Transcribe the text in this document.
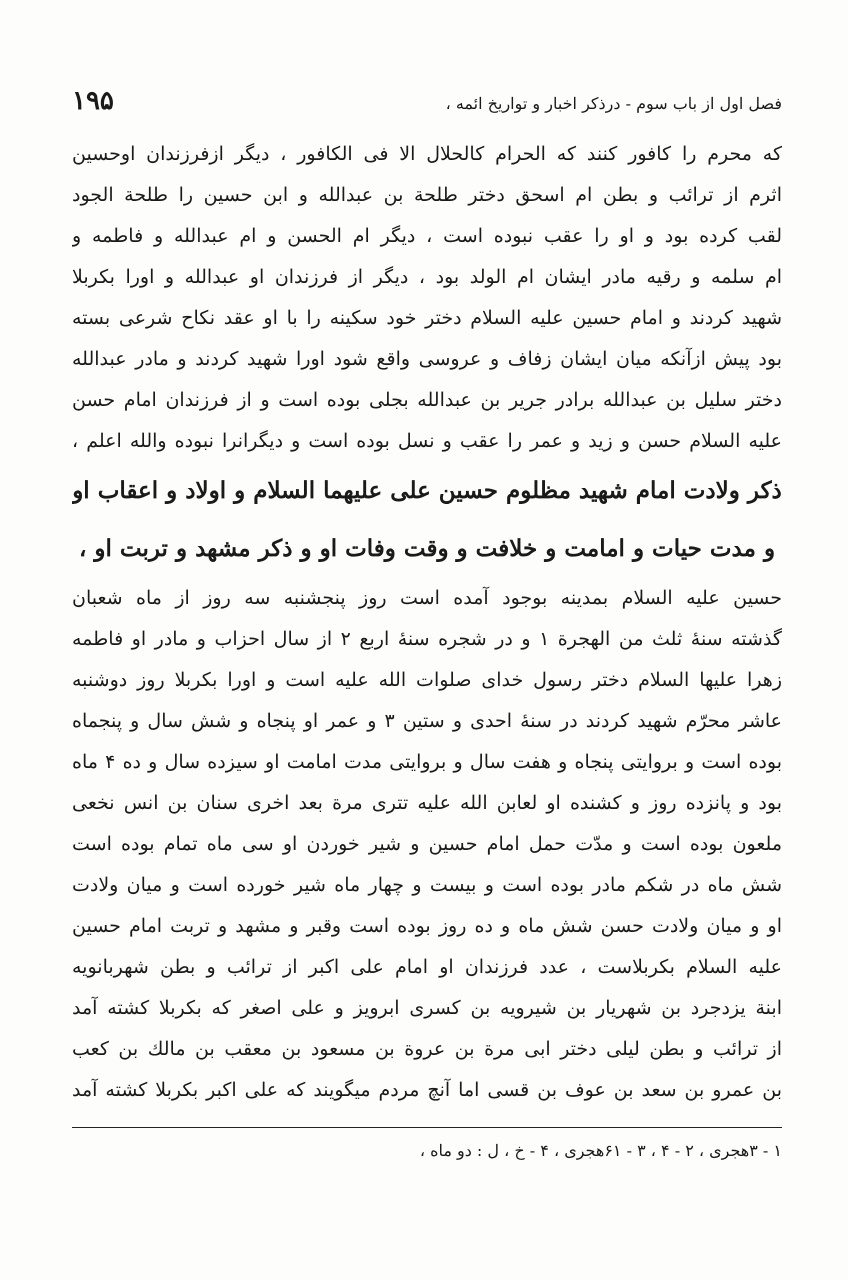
فصل اول از باب سوم - درذکر اخبار و تواریخ ائمه ،
۱۹۵
که محرم را کافور کنند که الحرام کالحلال الا فی الکافور ، دیگر ازفرزندان اوحسین
اثرم از ترائب و بطن ام اسحق دختر طلحة بن عبدالله و ابن حسین را طلحة الجود
لقب کرده بود و او را عقب نبوده است ، دیگر ام الحسن و ام عبدالله و فاطمه و
ام سلمه و رقیه مادر ایشان ام الولد بود ، دیگر از فرزندان او عبدالله و اورا بکربلا
شهید کردند و امام حسین علیه السلام دختر خود سکینه را با او عقد نکاح شرعی بسته
بود پیش ازآنکه میان ایشان زفاف و عروسی واقع شود اورا شهید کردند و مادر عبدالله
دختر سلیل بن عبدالله برادر جریر بن عبدالله بجلی بوده است و از فرزندان امام حسن
علیه السلام حسن و زید و عمر را عقب و نسل بوده است و دیگرانرا نبوده والله اعلم ،
ذکر ولادت امام شهید مظلوم حسین علی علیهما السلام و اولاد و اعقاب او
و مدت حیات و امامت و خلافت و وقت وفات او و ذکر مشهد و تربت او ،
حسین علیه السلام بمدینه بوجود آمده است روز پنجشنبه سه روز از ماه شعبان
گذشته سنهٔ ثلث من الهجرة ۱ و در شجره سنهٔ اربع ۲ از سال احزاب و مادر او فاطمه
زهرا علیها السلام دختر رسول خدای صلوات الله علیه است و اورا بکربلا روز دوشنبه
عاشر محرّم شهید کردند در سنهٔ احدی و ستین ۳ و عمر او پنجاه و شش سال و پنجماه
بوده است و بروایتی پنجاه و هفت سال و بروایتی مدت امامت او سیزده سال و ده ۴ ماه
بود و پانزده روز و کشنده او لعابن الله علیه تتری مرة بعد اخری سنان بن انس نخعی
ملعون بوده است و مدّت حمل امام حسین و شیر خوردن او سی ماه تمام بوده است
شش ماه در شکم مادر بوده است و بیست و چهار ماه شیر خورده است و میان ولادت
او و میان ولادت حسن شش ماه و ده روز بوده است وقبر و مشهد و تربت امام حسین
علیه السلام بکربلاست ، عدد فرزندان او امام علی اکبر از ترائب و بطن شهربانویه
ابنة یزدجرد بن شهریار بن شیرویه بن کسری ابرویز و علی اصغر که بکربلا کشته آمد
از ترائب و بطن لیلی دختر ابی مرة بن عروة بن مسعود بن معقب بن مالك بن کعب
بن عمرو بن سعد بن عوف بن قسی اما آنچ مردم میگویند که علی اکبر بکربلا کشته آمد
۱ - ۳هجری ، ۲ - ۴ ، ۳ - ۶۱هجری ، ۴ - خ ، ل : دو ماه ،
